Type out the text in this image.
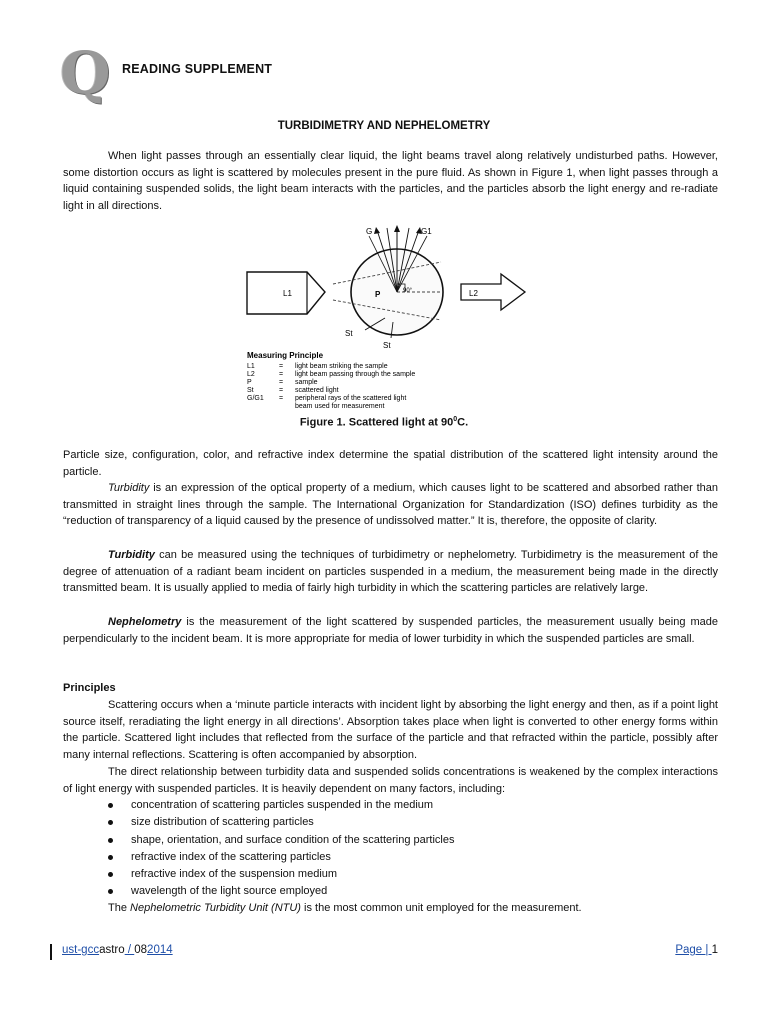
Q READING SUPPLEMENT
TURBIDIMETRY AND NEPHELOMETRY

When light passes through an essentially clear liquid, the light beams travel along relatively undisturbed paths. However, some distortion occurs as light is scattered by molecules present in the pure fluid. As shown in Figure 1, when light passes through a liquid containing suspended solids, the light beam interacts with the particles, and the particles absorb the light energy and re-radiate light in all directions.

L1	L2
P
G	G1
90°
St
St
Measuring Principle
L1	= light beam striking the sample
L2	= light beam passing through the sample
P	= sample
St	= scattered light
G/G1 = peripheral rays of the scattered light
beam used for measurement
Figure 1. Scattered light at $90^0C$.

Particle size, configuration, color, and refractive index determine the spatial distribution of the scattered light intensity around the particle.

Turbidity is an expression of the optical property of a medium, which causes light to be scattered and absorbed rather than transmitted in straight lines through the sample. The International Organization for Standardization (ISO) defines turbidity as the “reduction of transparency of a liquid caused by the presence of undissolved matter.” It is, therefore, the opposite of clarity.

Turbidity can be measured using the techniques of turbidimetry or nephelometry. Turbidimetry is the measurement of the degree of attenuation of a radiant beam incident on particles suspended in a medium, the measurement being made in the directly transmitted beam. It is usually applied to media of fairly high turbidity in which the scattering particles are relatively large.

Nephelometry is the measurement of the light scattered by suspended particles, the measurement usually being made perpendicularly to the incident beam. It is more appropriate for media of lower turbidity in which the suspended particles are small.

Principles

Scattering occurs when a ‘minute particle interacts with incident light by absorbing the light energy and then, as if a point light source itself, reradiating the light energy in all directions’. Absorption takes place when light is converted to other energy forms within the particle. Scattered light includes that reflected from the surface of the particle and that refracted within the particle, possibly after many internal reflections. Scattering is often accompanied by absorption.

The direct relationship between turbidity data and suspended solids concentrations is weakened by the complex interactions of light energy with suspended particles. It is heavily dependent on many factors, including:

concentration of scattering particles suspended in the medium
size distribution of scattering particles
shape, orientation, and surface condition of the scattering particles
refractive index of the scattering particles
refractive index of the suspension medium
wavelength of the light source employed

The Nephelometric Turbidity Unit (NTU) is the most common unit employed for the measurement.

ust-gccastro / 082014	Page | 1
